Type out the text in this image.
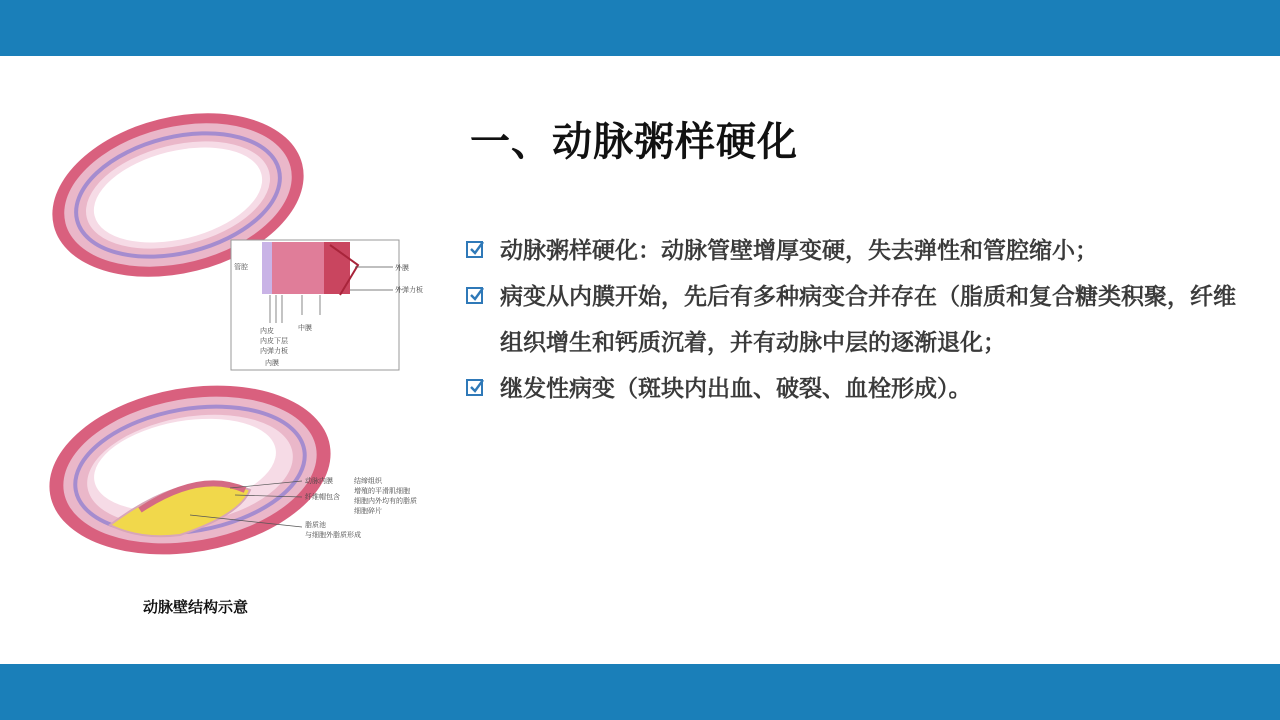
一、动脉粥样硬化
动脉粥样硬化：动脉管壁增厚变硬，失去弹性和管腔缩小；
病变从内膜开始，先后有多种病变合并存在（脂质和复合糖类积聚，纤维组织增生和钙质沉着，并有动脉中层的逐渐退化；
继发性病变（斑块内出血、破裂、血栓形成）。
管腔	外膜
外弹力板
内皮
内皮下层
内弹力板
内膜
中膜
动脉内膜
纤维帽包含
结缔组织
增殖的平滑肌细胞
细胞内外均有的脂质
细胞碎片
脂质池
与细胞外脂质形成
动脉壁结构示意
